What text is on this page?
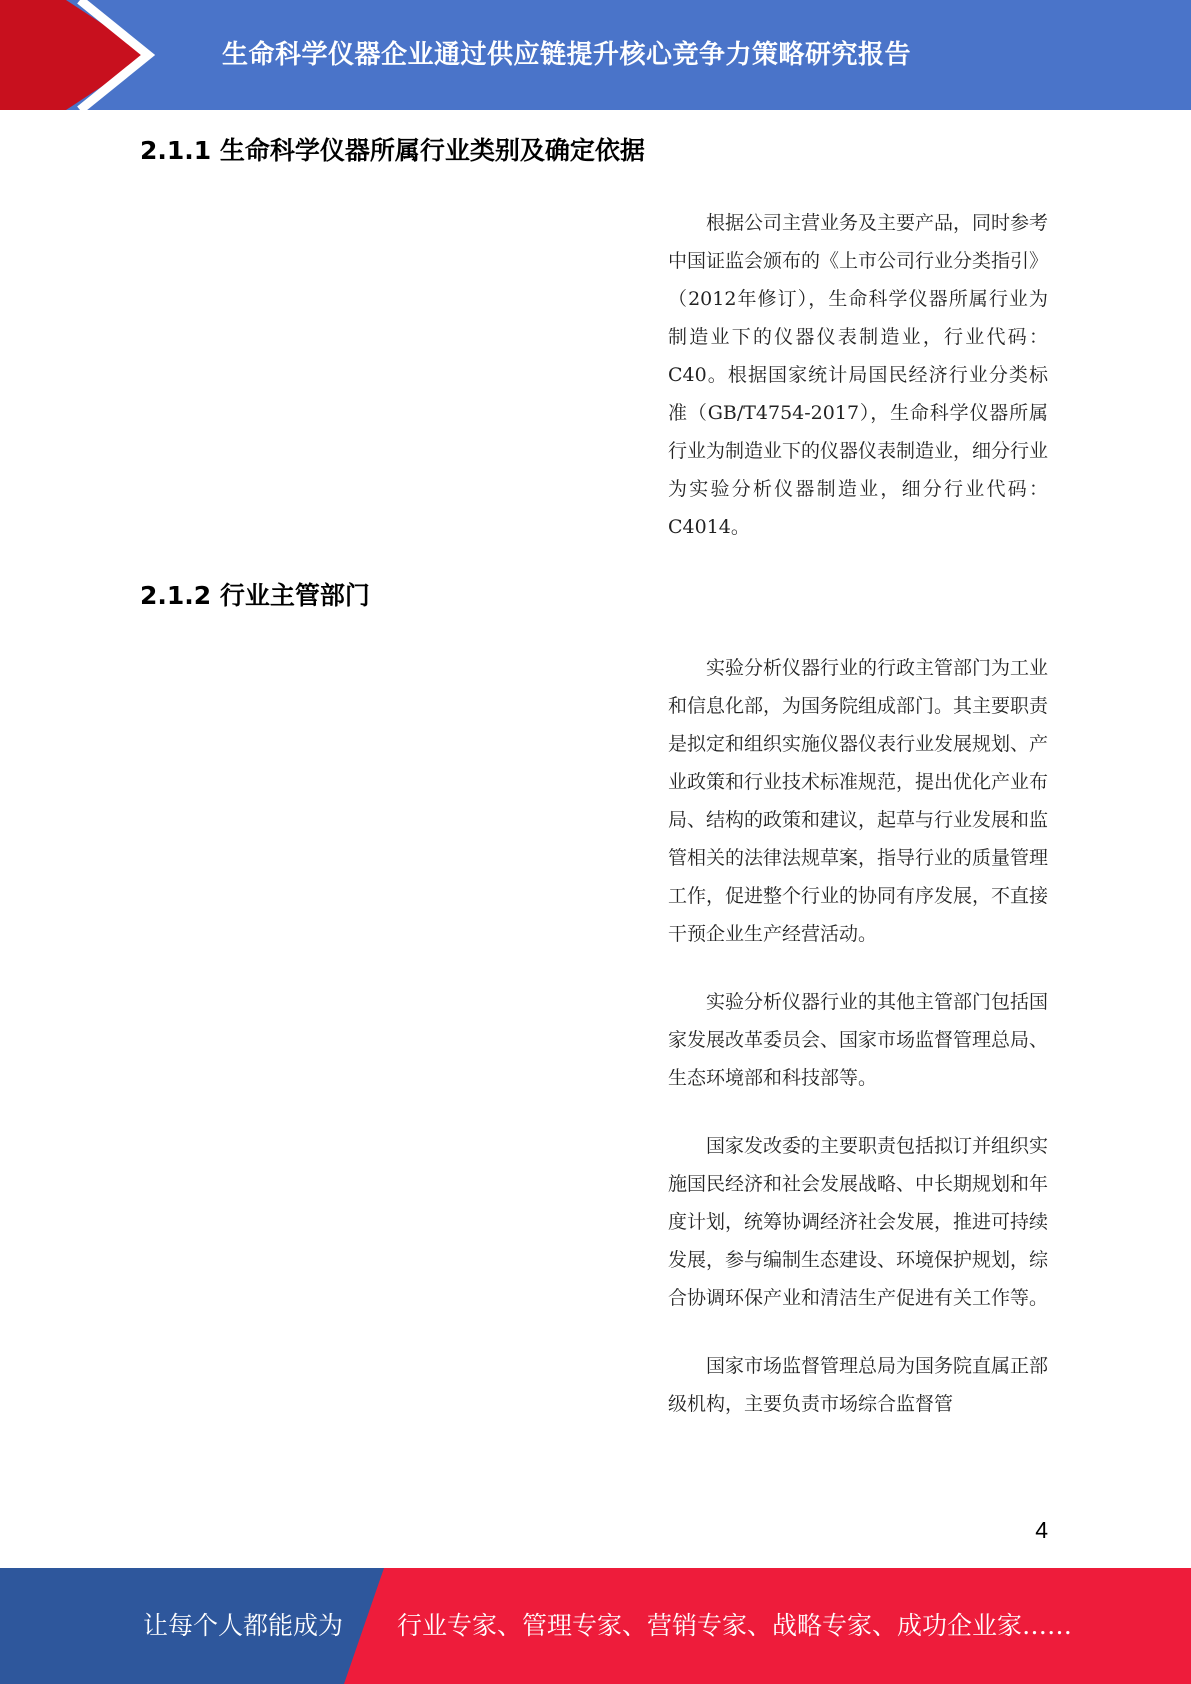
生命科学仪器企业通过供应链提升核心竞争力策略研究报告
2.1.1 生命科学仪器所属行业类别及确定依据

根据公司主营业务及主要产品，同时参考中国证监会颁布的《上市公司行业分类指引》（2012年修订），生命科学仪器所属行业为制造业下的仪器仪表制造业，行业代码：C40。根据国家统计局国民经济行业分类标准（GB/T4754-2017），生命科学仪器所属行业为制造业下的仪器仪表制造业，细分行业为实验分析仪器制造业，细分行业代码：C4014。

2.1.2 行业主管部门

实验分析仪器行业的行政主管部门为工业和信息化部，为国务院组成部门。其主要职责是拟定和组织实施仪器仪表行业发展规划、产业政策和行业技术标准规范，提出优化产业布局、结构的政策和建议，起草与行业发展和监管相关的法律法规草案，指导行业的质量管理工作，促进整个行业的协同有序发展，不直接干预企业生产经营活动。

实验分析仪器行业的其他主管部门包括国家发展改革委员会、国家市场监督管理总局、生态环境部和科技部等。

国家发改委的主要职责包括拟订并组织实施国民经济和社会发展战略、中长期规划和年度计划，统筹协调经济社会发展，推进可持续发展，参与编制生态建设、环境保护规划，综合协调环保产业和清洁生产促进有关工作等。

国家市场监督管理总局为国务院直属正部级机构，主要负责市场综合监督管

4
让每个人都能成为 行业专家、管理专家、营销专家、战略专家、成功企业家……
